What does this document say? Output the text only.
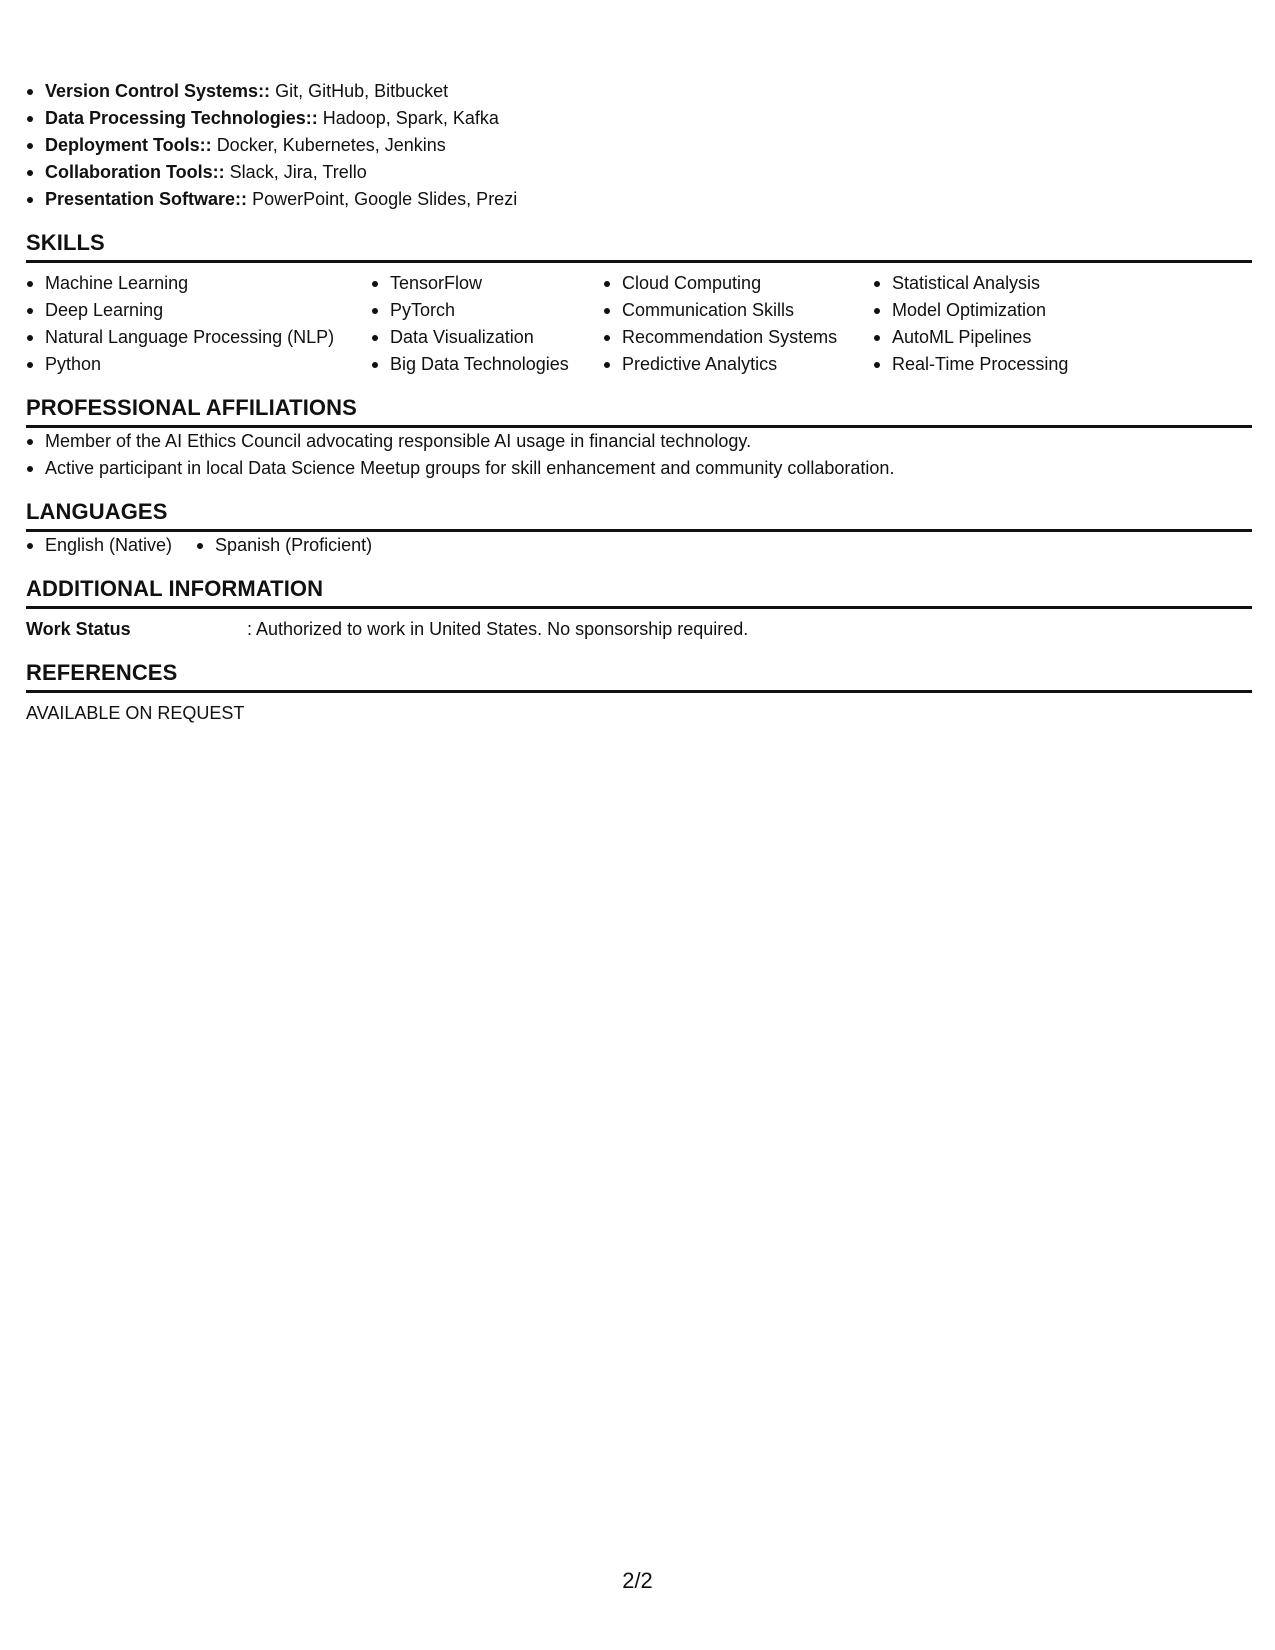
Version Control Systems:: Git, GitHub, Bitbucket
Data Processing Technologies:: Hadoop, Spark, Kafka
Deployment Tools:: Docker, Kubernetes, Jenkins
Collaboration Tools:: Slack, Jira, Trello
Presentation Software:: PowerPoint, Google Slides, Prezi
SKILLS
Machine Learning
Deep Learning
Natural Language Processing (NLP)
Python
TensorFlow
PyTorch
Data Visualization
Big Data Technologies
Cloud Computing
Communication Skills
Recommendation Systems
Predictive Analytics
Statistical Analysis
Model Optimization
AutoML Pipelines
Real-Time Processing
PROFESSIONAL AFFILIATIONS
Member of the AI Ethics Council advocating responsible AI usage in financial technology.
Active participant in local Data Science Meetup groups for skill enhancement and community collaboration.
LANGUAGES
English (Native)	Spanish (Proficient)
ADDITIONAL INFORMATION
Work Status	: Authorized to work in United States. No sponsorship required.
REFERENCES
AVAILABLE ON REQUEST
2/2
